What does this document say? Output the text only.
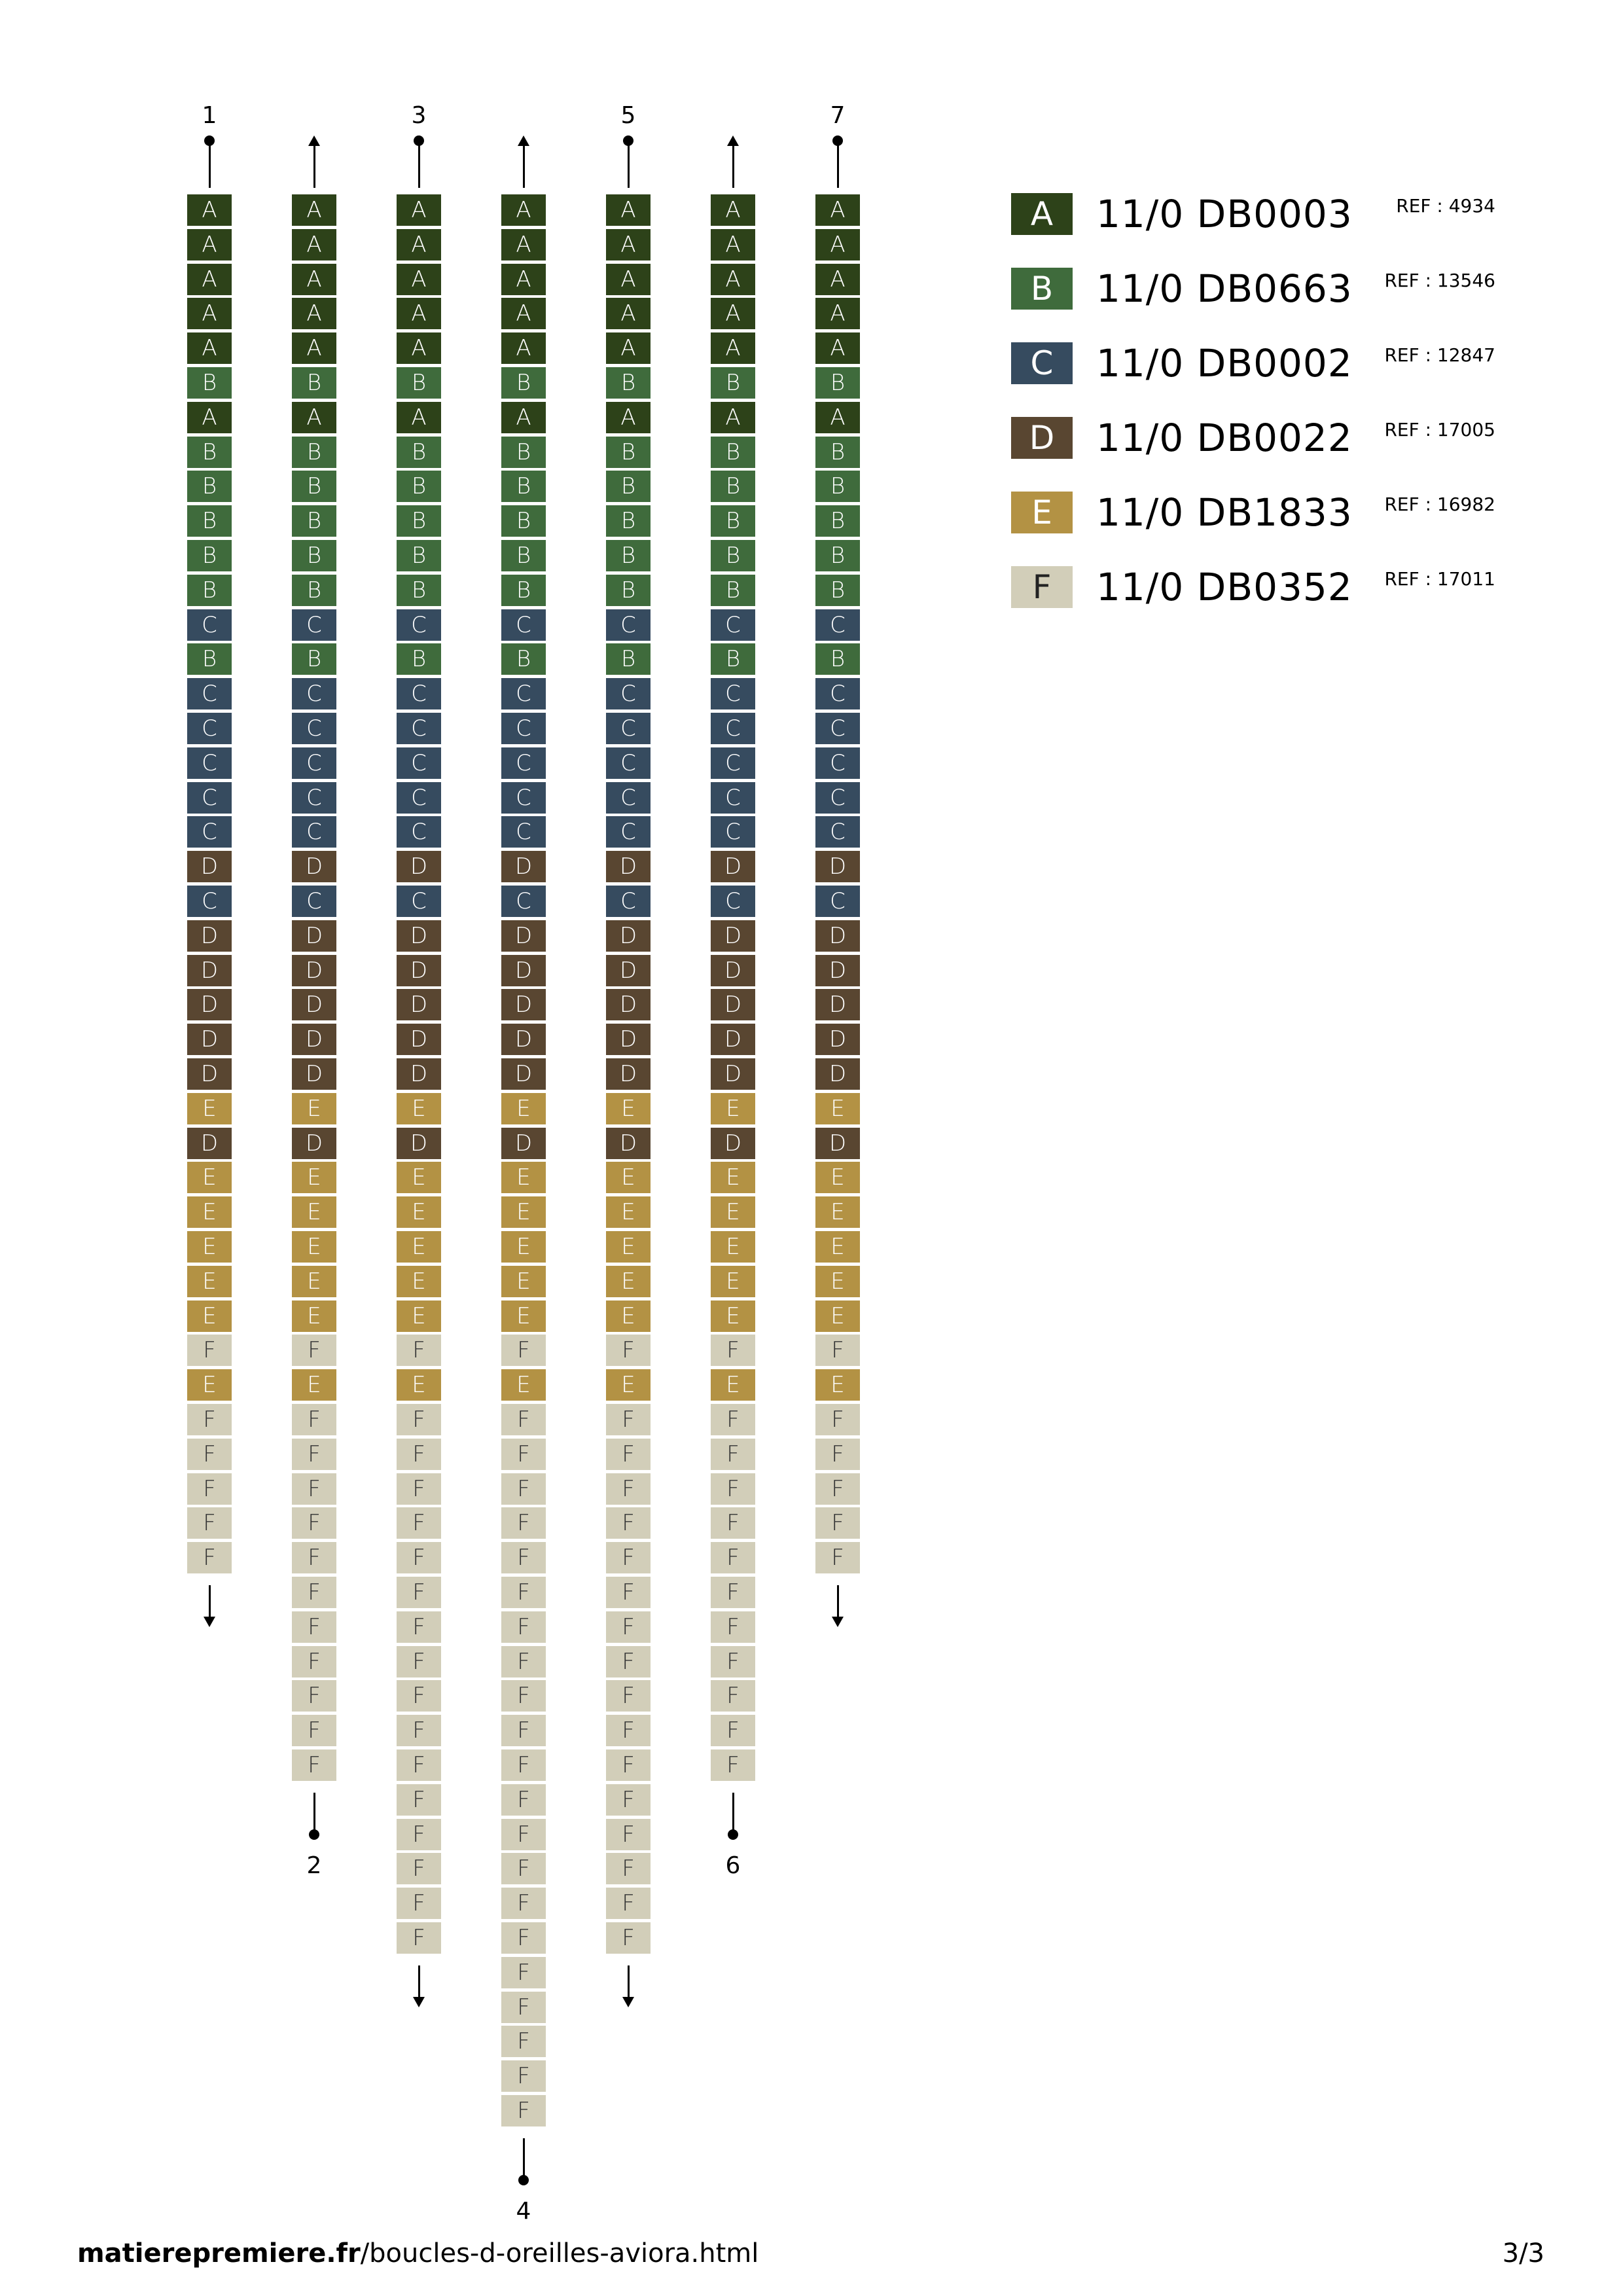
1
A
A
A
A
A
B
A
B
B
B
B
B
C
B
C
C
C
C
C
D
C
D
D
D
D
D
E
D
E
E
E
E
E
F
E
F
F
F
F
F
2
A
A
A
A
A
B
A
B
B
B
B
B
C
B
C
C
C
C
C
D
C
D
D
D
D
D
E
D
E
E
E
E
E
F
E
F
F
F
F
F
F
F
F
F
F
F
3
A
A
A
A
A
B
A
B
B
B
B
B
C
B
C
C
C
C
C
D
C
D
D
D
D
D
E
D
E
E
E
E
E
F
E
F
F
F
F
F
F
F
F
F
F
F
F
F
F
F
F
4
A
A
A
A
A
B
A
B
B
B
B
B
C
B
C
C
C
C
C
D
C
D
D
D
D
D
E
D
E
E
E
E
E
F
E
F
F
F
F
F
F
F
F
F
F
F
F
F
F
F
F
F
F
F
F
F
5
A
A
A
A
A
B
A
B
B
B
B
B
C
B
C
C
C
C
C
D
C
D
D
D
D
D
E
D
E
E
E
E
E
F
E
F
F
F
F
F
F
F
F
F
F
F
F
F
F
F
F
6
A
A
A
A
A
B
A
B
B
B
B
B
C
B
C
C
C
C
C
D
C
D
D
D
D
D
E
D
E
E
E
E
E
F
E
F
F
F
F
F
F
F
F
F
F
F
7
A
A
A
A
A
B
A
B
B
B
B
B
C
B
C
C
C
C
C
D
C
D
D
D
D
D
E
D
E
E
E
E
E
F
E
F
F
F
F
F
A	11/0 DB0003 REF : 4934
B	11/0 DB0663 REF : 13546
C	11/0 DB0002 REF : 12847
D	11/0 DB0022 REF : 17005
E	11/0 DB1833 REF : 16982
F	11/0 DB0352 REF : 17011
matierepremiere.fr/boucles-d-oreilles-aviora.html	3/3
